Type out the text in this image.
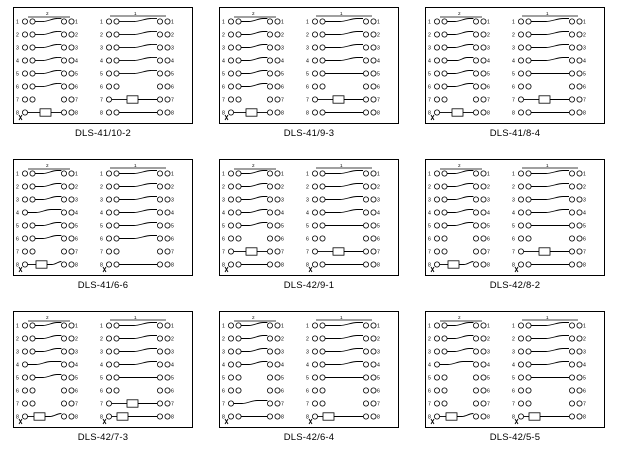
2	1
1	1
2	2
3	3
4	4
5	5
6	6
7	7
8	8
1	1
2	2
3	3
4	4
5	5
6	6
7	7
8	8
DLS-41/10-2
2	1
1	1
2	2
3	3
4	4
5	5
6	6
7	7
8	8
1	1
2	2
3	3
4	4
5	5
6	6
7	7
8	8
DLS-41/9-3
2	1
1	1
2	2
3	3
4	4
5	5
6	6
7	7
8	8
1	1
2	2
3	3
4	4
5	5
6	6
7	7
8	8
DLS-41/8-4
2	1
1	1
2	2
3	3
4	4
5	5
6	6
7	7
8	8
1	1
2	2
3	3
4	4
5	5
6	6
7	7
8	8
DLS-41/6-6
2	1
1	1
2	2
3	3
4	4
5	5
6	6
7	7
8	8
1	1
2	2
3	3
4	4
5	5
6	6
7	7
8	8
DLS-42/9-1
2	1
1	1
2	2
3	3
4	4
5	5
6	6
7	7
8	8
1	1
2	2
3	3
4	4
5	5
6	6
7	7
8	8
DLS-42/8-2
2	1
1	1
2	2
3	3
4	4
5	5
6	6
7	7
8	8
1	1
2	2
3	3
4	4
5	5
6	6
7	7
8	8
DLS-42/7-3
2	1
1	1
2	2
3	3
4	4
5	5
6	6
7	7
8	8
1	1
2	2
3	3
4	4
5	5
6	6
7	7
8	8
DLS-42/6-4
2	1
1	1
2	2
3	3
4	4
5	5
6	6
7	7
8	8
1	1
2	2
3	3
4	4
5	5
6	6
7	7
8	8
DLS-42/5-5
